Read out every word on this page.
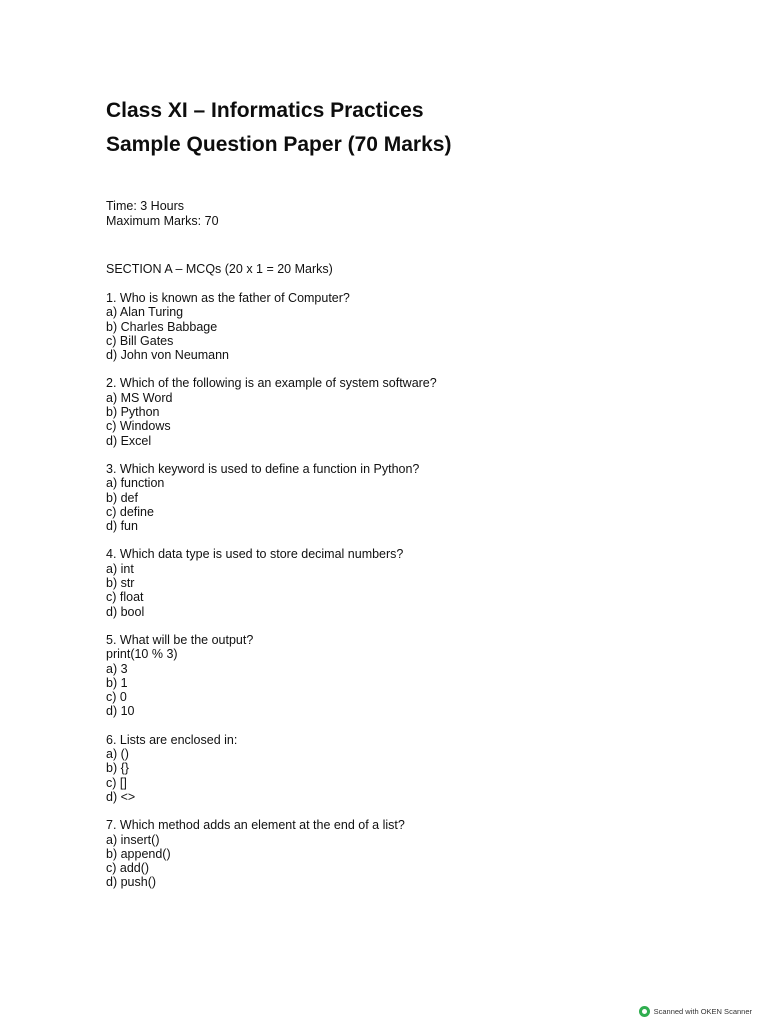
Class XI – Informatics Practices
Sample Question Paper (70 Marks)
Time: 3 Hours
Maximum Marks: 70
SECTION A – MCQs (20 x 1 = 20 Marks)
1. Who is known as the father of Computer?
a) Alan Turing
b) Charles Babbage
c) Bill Gates
d) John von Neumann
2. Which of the following is an example of system software?
a) MS Word
b) Python
c) Windows
d) Excel
3. Which keyword is used to define a function in Python?
a) function
b) def
c) define
d) fun
4. Which data type is used to store decimal numbers?
a) int
b) str
c) float
d) bool
5. What will be the output?
print(10 % 3)
a) 3
b) 1
c) 0
d) 10
6. Lists are enclosed in:
a) ()
b) {}
c) []
d) <>
7. Which method adds an element at the end of a list?
a) insert()
b) append()
c) add()
d) push()
Scanned with OKEN Scanner
